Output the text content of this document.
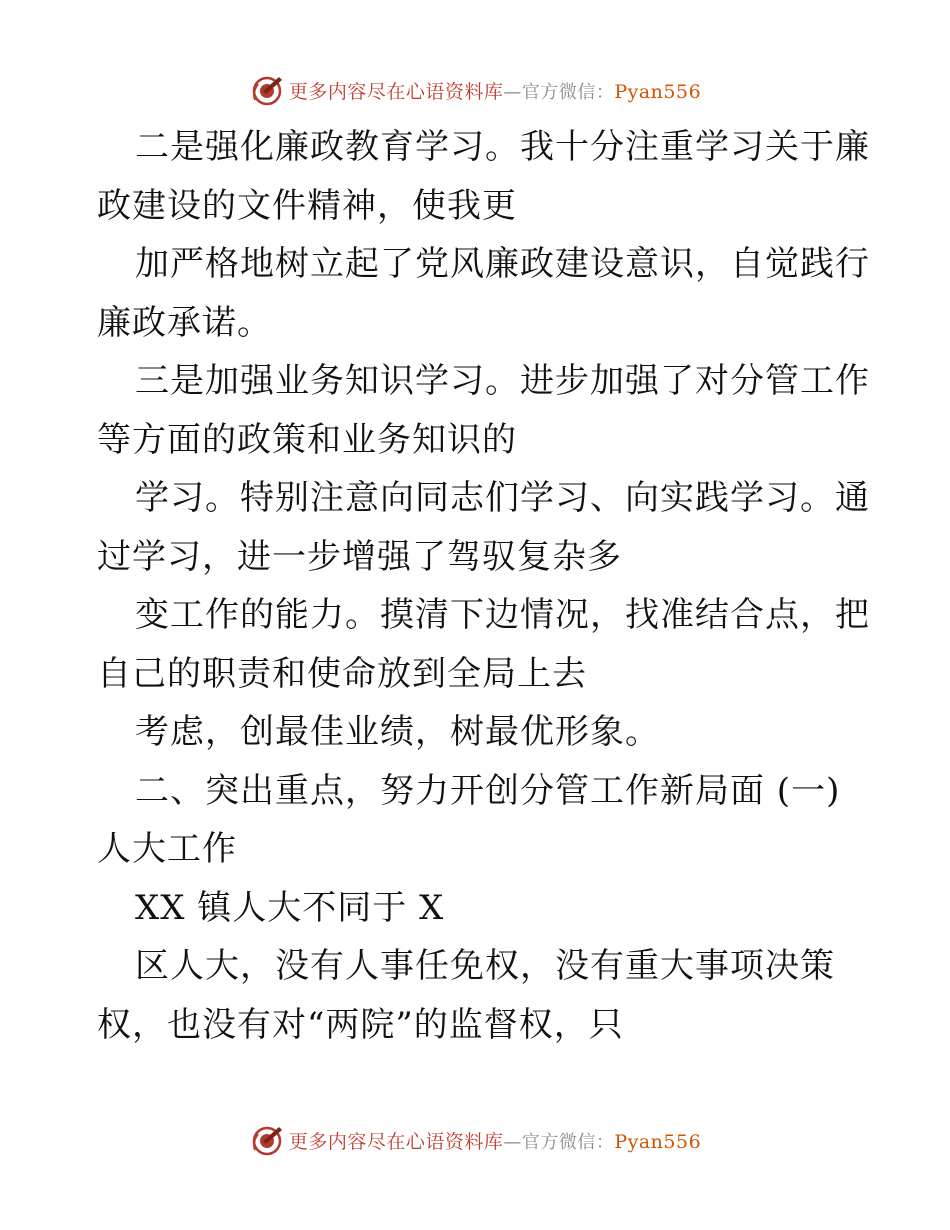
更多内容尽在心语资料库—官方微信：Pyan556
二是强化廉政教育学习。我十分注重学习关于廉
政建设的文件精神，使我更
加严格地树立起了党风廉政建设意识，自觉践行
廉政承诺。
三是加强业务知识学习。进步加强了对分管工作
等方面的政策和业务知识的
学习。特别注意向同志们学习、向实践学习。通
过学习，进一步增强了驾驭复杂多
变工作的能力。摸清下边情况，找准结合点，把
自己的职责和使命放到全局上去
考虑，创最佳业绩，树最优形象。
二、突出重点，努力开创分管工作新局面 (一)
人大工作
XX 镇人大不同于 X
区人大，没有人事任免权，没有重大事项决策
权，也没有对“两院”的监督权，只
更多内容尽在心语资料库—官方微信：Pyan556
